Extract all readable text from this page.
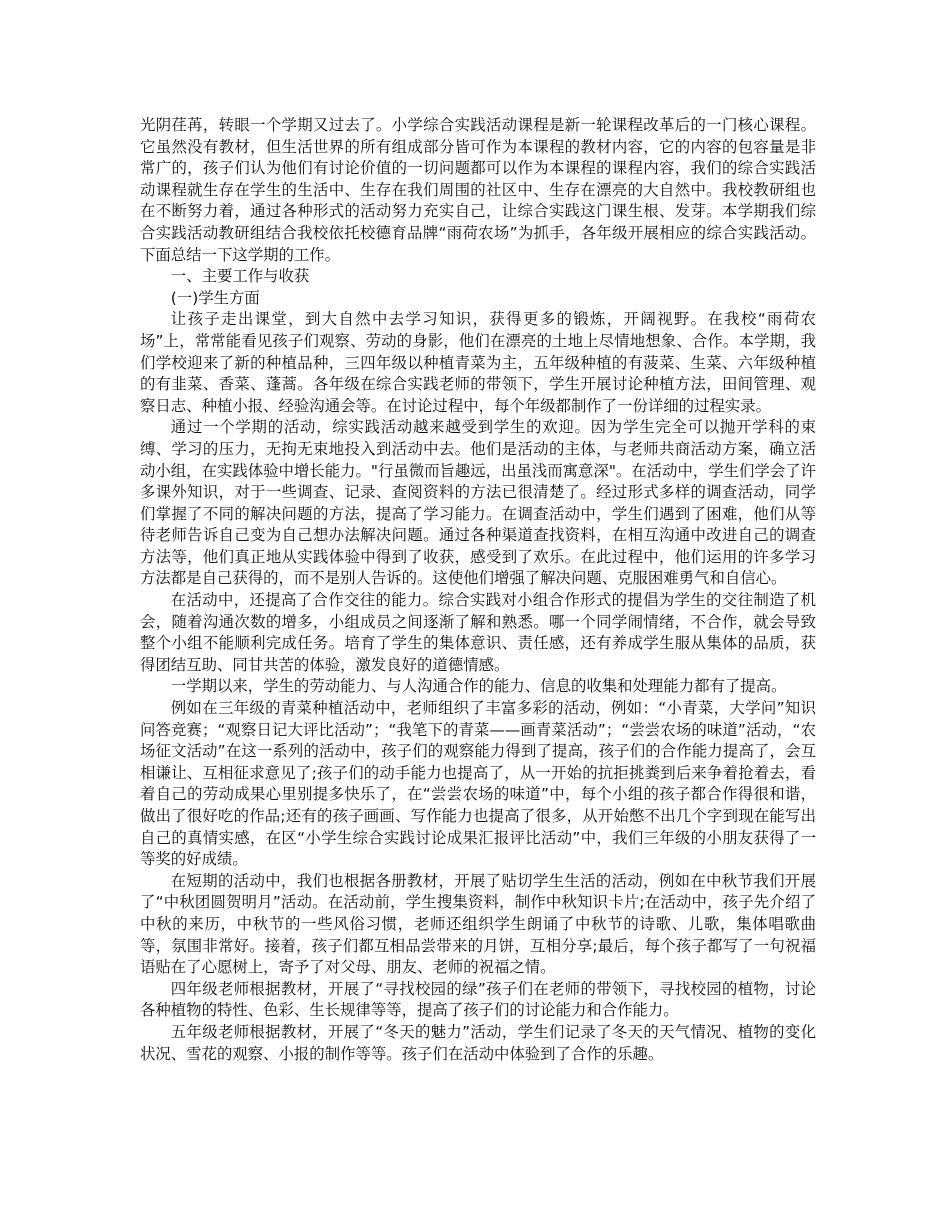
光阴荏苒，转眼一个学期又过去了。小学综合实践活动课程是新一轮课程改革后的一门核心课程。它虽然没有教材，但生活世界的所有组成部分皆可作为本课程的教材内容，它的内容的包容量是非常广的，孩子们认为他们有讨论价值的一切问题都可以作为本课程的课程内容，我们的综合实践活动课程就生存在学生的生活中、生存在我们周围的社区中、生存在漂亮的大自然中。我校教研组也在不断努力着，通过各种形式的活动努力充实自己，让综合实践这门课生根、发芽。本学期我们综合实践活动教研组结合我校依托校德育品牌“雨荷农场”为抓手，各年级开展相应的综合实践活动。下面总结一下这学期的工作。

一、主要工作与收获

(一)学生方面

让孩子走出课堂，到大自然中去学习知识，获得更多的锻炼，开阔视野。在我校“雨荷农场”上，常常能看见孩子们观察、劳动的身影，他们在漂亮的土地上尽情地想象、合作。本学期，我们学校迎来了新的种植品种，三四年级以种植青菜为主，五年级种植的有菠菜、生菜、六年级种植的有韭菜、香菜、蓬蒿。各年级在综合实践老师的带领下，学生开展讨论种植方法，田间管理、观察日志、种植小报、经验沟通会等。在讨论过程中，每个年级都制作了一份详细的过程实录。

通过一个学期的活动，综实践活动越来越受到学生的欢迎。因为学生完全可以抛开学科的束缚、学习的压力，无拘无束地投入到活动中去。他们是活动的主体，与老师共商活动方案，确立活动小组，在实践体验中增长能力。"行虽微而旨趣远，出虽浅而寓意深"。在活动中，学生们学会了许多课外知识，对于一些调查、记录、查阅资料的方法已很清楚了。经过形式多样的调查活动，同学们掌握了不同的解决问题的方法，提高了学习能力。在调查活动中，学生们遇到了困难，他们从等待老师告诉自己变为自己想办法解决问题。通过各种渠道查找资料，在相互沟通中改进自己的调查方法等，他们真正地从实践体验中得到了收获，感受到了欢乐。在此过程中，他们运用的许多学习方法都是自己获得的，而不是别人告诉的。这使他们增强了解决问题、克服困难勇气和自信心。

在活动中，还提高了合作交往的能力。综合实践对小组合作形式的提倡为学生的交往制造了机会，随着沟通次数的增多，小组成员之间逐渐了解和熟悉。哪一个同学闹情绪，不合作，就会导致整个小组不能顺利完成任务。培育了学生的集体意识、责任感，还有养成学生服从集体的品质，获得团结互助、同甘共苦的体验，激发良好的道德情感。

一学期以来，学生的劳动能力、与人沟通合作的能力、信息的收集和处理能力都有了提高。

例如在三年级的青菜种植活动中，老师组织了丰富多彩的活动，例如：“小青菜，大学问”知识问答竞赛；“观察日记大评比活动”；“我笔下的青菜——画青菜活动”；“尝尝农场的味道”活动，“农场征文活动”在这一系列的活动中，孩子们的观察能力得到了提高，孩子们的合作能力提高了，会互相谦让、互相征求意见了;孩子们的动手能力也提高了，从一开始的抗拒挑粪到后来争着抢着去，看着自己的劳动成果心里别提多快乐了，在“尝尝农场的味道”中，每个小组的孩子都合作得很和谐，做出了很好吃的作品;还有的孩子画画、写作能力也提高了很多，从开始憋不出几个字到现在能写出自己的真情实感，在区“小学生综合实践讨论成果汇报评比活动”中，我们三年级的小朋友获得了一等奖的好成绩。

在短期的活动中，我们也根据各册教材，开展了贴切学生生活的活动，例如在中秋节我们开展了“中秋团圆贺明月”活动。在活动前，学生搜集资料，制作中秋知识卡片;在活动中，孩子先介绍了中秋的来历，中秋节的一些风俗习惯，老师还组织学生朗诵了中秋节的诗歌、儿歌，集体唱歌曲等，氛围非常好。接着，孩子们都互相品尝带来的月饼，互相分享;最后，每个孩子都写了一句祝福语贴在了心愿树上，寄予了对父母、朋友、老师的祝福之情。

四年级老师根据教材，开展了“寻找校园的绿”孩子们在老师的带领下，寻找校园的植物，讨论各种植物的特性、色彩、生长规律等等，提高了孩子们的讨论能力和合作能力。

五年级老师根据教材，开展了“冬天的魅力”活动，学生们记录了冬天的天气情况、植物的变化状况、雪花的观察、小报的制作等等。孩子们在活动中体验到了合作的乐趣。
